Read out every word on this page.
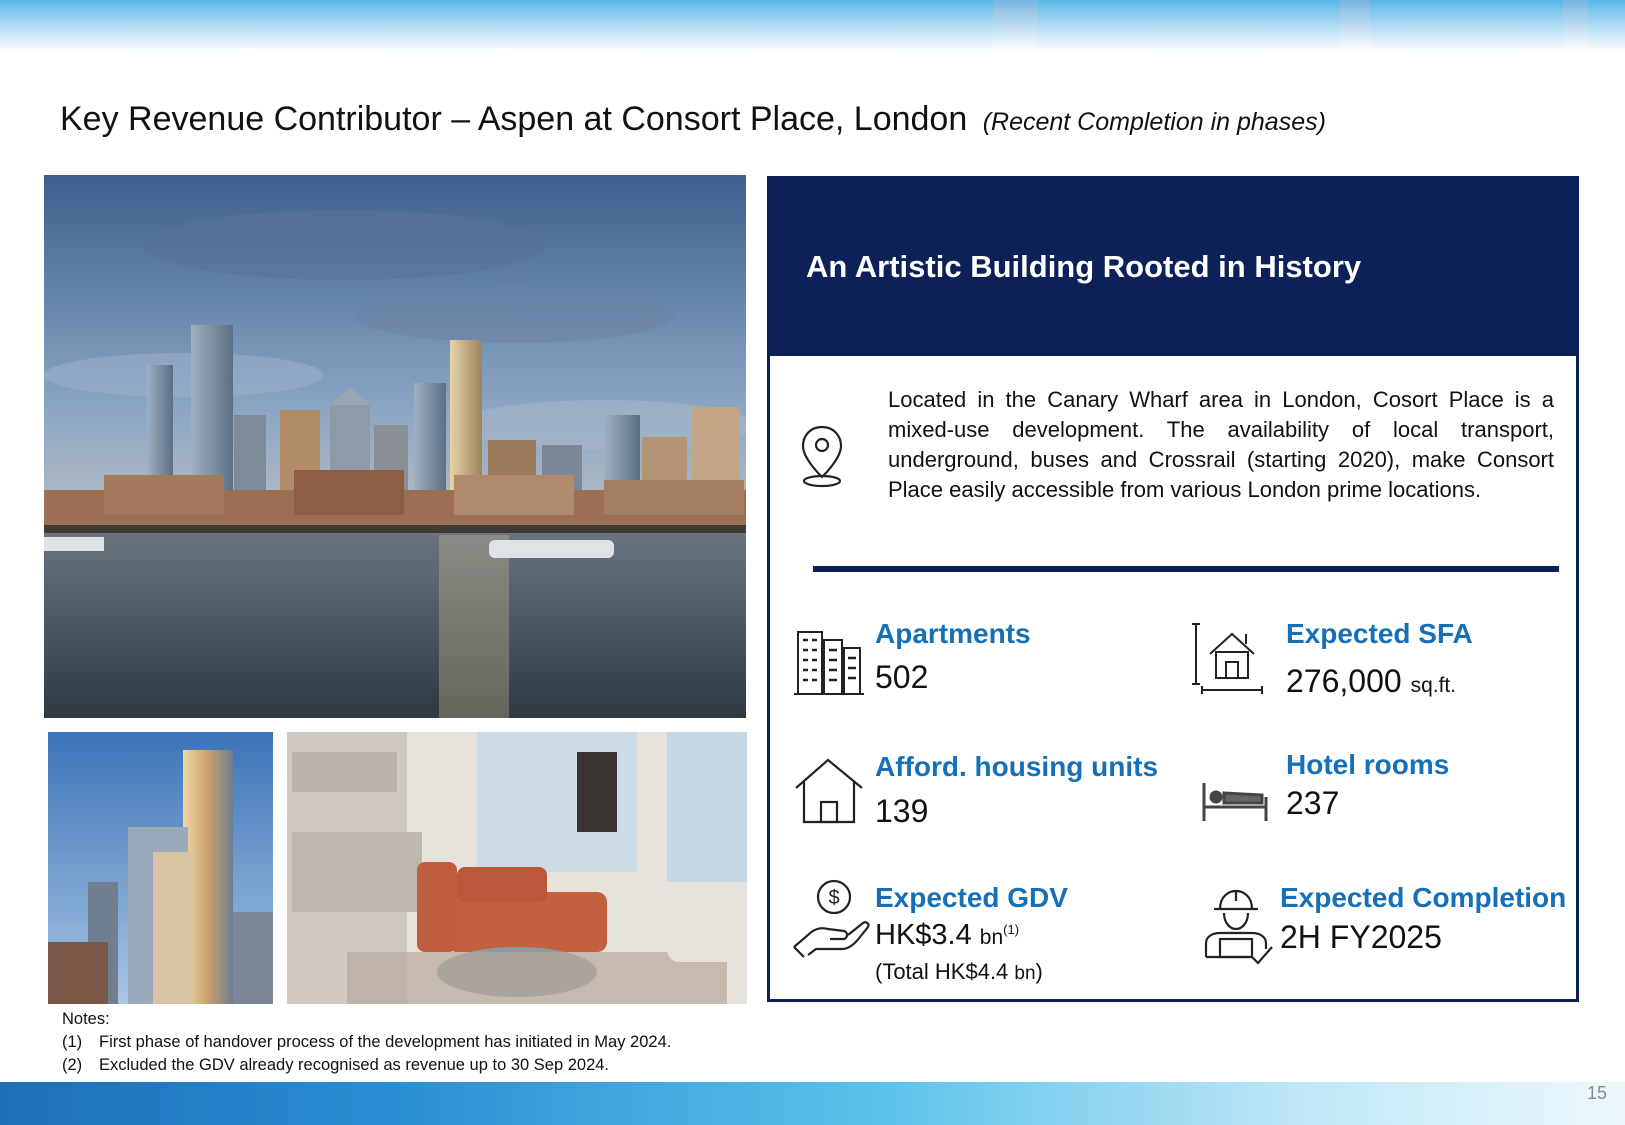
Key Revenue Contributor – Aspen at Consort Place, London (Recent Completion in phases)
An Artistic Building Rooted in History
Located in the Canary Wharf area in London, Cosort Place is a mixed-use development. The availability of local transport, underground, buses and Crossrail (starting 2020), make Consort Place easily accessible from various London prime locations.
Apartments
502
Expected SFA
276,000 sq.ft.
Afford. housing units
139
Hotel rooms
237
$ Expected GDV
HK$3.4 $bn^{(1)}$
(Total HK$4.4 bn)
Expected Completion
2H FY2025
Notes:
(1)	First phase of handover process of the development has initiated in May 2024.
(2)	Excluded the GDV already recognised as revenue up to 30 Sep 2024.
15
